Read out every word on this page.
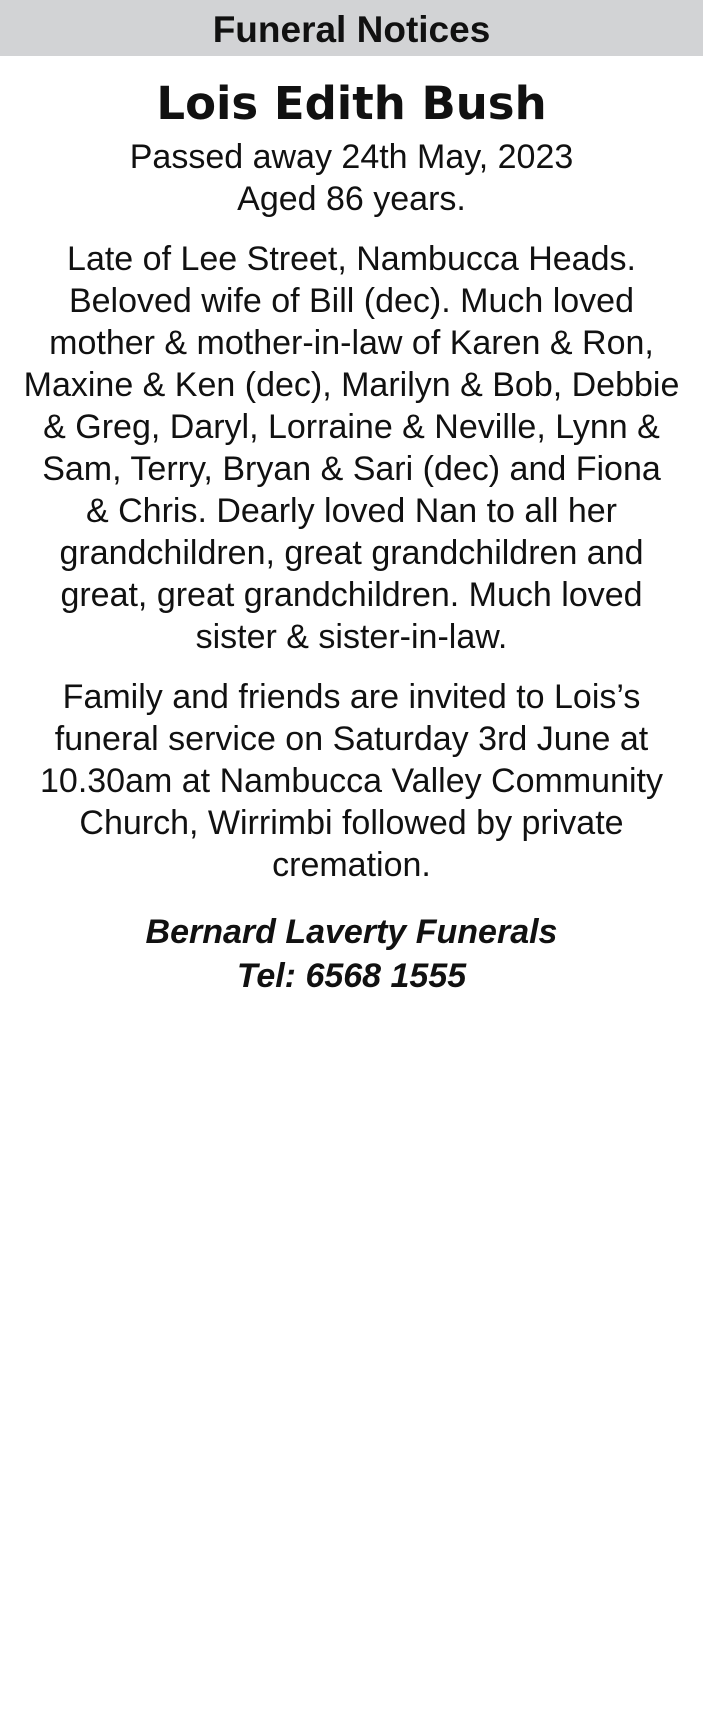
Funeral Notices
Lois Edith Bush
Passed away 24th May, 2023
Aged 86 years.
Late of Lee Street, Nambucca Heads.
Beloved wife of Bill (dec). Much loved
mother & mother-in-law of Karen & Ron,
Maxine & Ken (dec), Marilyn & Bob, Debbie
& Greg, Daryl, Lorraine & Neville, Lynn &
Sam, Terry, Bryan & Sari (dec) and Fiona
& Chris. Dearly loved Nan to all her
grandchildren, great grandchildren and
great, great grandchildren. Much loved
sister & sister-in-law.
Family and friends are invited to Lois’s
funeral service on Saturday 3rd June at
10.30am at Nambucca Valley Community
Church, Wirrimbi followed by private
cremation.
Bernard Laverty Funerals
Tel: 6568 1555
